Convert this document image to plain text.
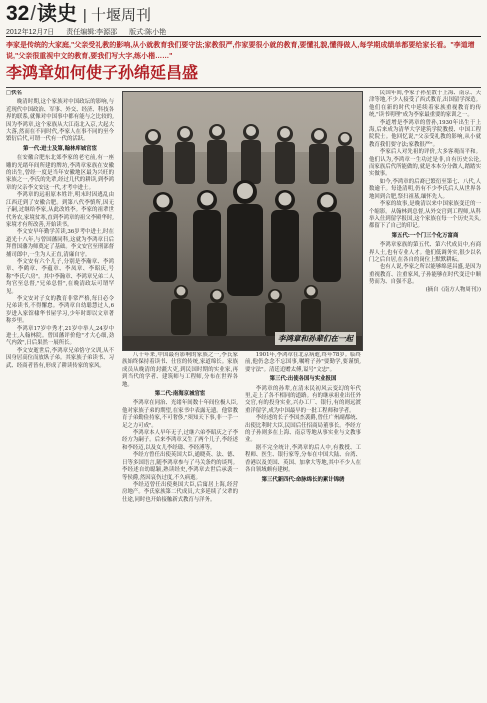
32/读史 | 十堰周刊
2012年12月7日 责任编辑:李源邵 版式:陈小艳
李家是传统的大家庭,"父亲受礼教的影响,从小就教育我们要守法;家教很严,作家要很小就的教育,要懂礼貌,懂得做人,每学期成绩单都要给家长看。"李道增说,"父亲很重视中文的教育,要我们写大字,练小楷……"
李鸿章如何使子孙绵延昌盛

□佚名

晚清时期,这个家族对中国政坛的影响,与近现代中国政治、军事、外交、经济、科技各界的联系,就像对中国事中都有能与之比较的,因为李鸿章,这个家族从大江南北入京,大起大大落,然而在不同时代,李家人在事不同的至今繁衍后代,可谓一代有一代的活跃。

第一代:进士及第,翰林库城官宦

在安徽合肥东北郊李家的老宅前,有一座雕的光绪年间所建的牌坊,李鸿章家族在安徽的出生,曾经一度是当年安徽地区最为兴旺的家族之一,李氏的先辈,经过几代的耕读,到李鸿章的父亲李文安这一代,才考中进士。

李鸿章的远祖原本姓许,明末时因逃乱由江西迁到了安徽合肥。到第八代李慎所,因无子嗣,过继给李家,从此改姓李。李家的祖辈世代务农,家境贫寒,直到李鸿章的祖父李殿华时,家境才有所改善,开始读书。

李文安早年勤学苦读,36岁考中进士,时在道光十八年,与曾国藩同科,这就为李鸿章日后拜曾国藩为师奠定了基础。李文安官至刑部督捕司郎中,一生为人正直,清廉自守。

李文安有六个儿子,分别是李瀚章、李鸿章、李鹤章、李蕴章、李凤章、李昭庆,号称"李氏六房"。其中李瀚章、李鸿章兄弟二人均官至总督,"兄弟总督",在晚清政坛可谓罕见。

李文安对子女的教育非常严格,每日必令兄弟读书,不得懈怠。李鸿章自幼聪慧过人,6岁进入家馆棣华书屋学习,少年时即以文章著称乡里。

李鸿章17岁中秀才,21岁中举人,24岁中进士,入翰林院。曾国藩评价他"才大心细,劲气内敛",日后果然一展所长。

李文安逝世后,李鸿章兄弟恪守父训,从不因身居高位而放纵子弟。其家族子弟读书、习武、经商者皆有,形成了耕读传家的家风。

李鸿章和孙辈们在一起

八十年来,中国最有影响的家族之一,李氏家族始终保持着读书、仕宦的传统,家道绵长。家族成员从晚清的封疆大吏,到民国时期的实业家,再到当代的学者、建筑师与工程师,分布在世界各地。

第二代:南海京城官宦

李鸿章在同治、光绪年间数十年间位极人臣,他对家族子弟的期望,在家书中表露无遗。他常教育子弟勤俭持家,不可奢侈,"须知天下事,非一手一足之力可成"。

李鸿章本人早年无子,过继六弟李昭庆之子李经方为嗣子。后来李鸿章又生了两个儿子,李经述和李经迈,以及女儿李经璹、李经溥等。

李经方曾任出使英国大臣,通晓英、法、德、日等多国语言,随李鸿章参与了马关条约的谈判。李经述自幼聪颖,熟读经史,李鸿章去世后承袭一等侯爵,然因哀伤过度,不久病逝。

李经迈曾任出使奥国大臣,后寓居上海,经营房地产。李氏家族第二代成员,大多延续了父辈的仕途,同时也开始接触新式教育与洋务。

1901年,李鸿章在北京病逝,终年78岁。临终前,他仍念念不忘国事,嘱咐子孙"要勤学,要谨慎,要守法"。清廷追赠太傅,谥号"文忠"。

第三代:出使各国与实业报国

李鸿章的孙辈,在清末民初风云变幻的年代里,走上了各不相同的道路。有的继承祖业出任外交官,有的投身实业,兴办工厂、银行,有的则远渡重洋留学,成为中国最早的一批工程师和学者。

李经述的长子李国杰袭爵,曾任广州副都统、出使比利时大臣,民国后任招商局董事长。李经方的子孙则多在上海、南京等地从事实业与文教事业。

据不完全统计,李鸿章的后人中,有教授、工程师、医生、银行家等,分布在中国大陆、台湾、香港以及美国、英国、加拿大等地,其中不少人在各自领域颇有建树。

第三代新四代:命脉绵长的累计锦绣

民国年间,李家子孙星散于上海、南京、天津等地,不少人接受了西式教育,出国留学深造。他们在新的时代中延续着家族重视教育的传统,"读书明理"成为李家最重要的家训之一。

李道增是李鸿章的曾孙,1930年出生于上海,后来成为清华大学建筑学院教授、中国工程院院士。他回忆说,"父亲受礼教的影响,从小就教育我们要守法;家教很严"。

李家后人对先祖的评价,大多客观而平和。他们认为,李鸿章一生功过是非,自有历史公论,而家族后代所能做的,就是本本分分做人,踏踏实实做事。

如今,李鸿章的后裔已繁衍至第七、八代,人数逾千。每逢清明,仍有不少李氏后人从世界各地回到合肥,祭扫祖墓,缅怀先人。

李家的故事,是晚清以来中国家族变迁的一个缩影。从翰林到总督,从外交官到工程师,从科举入仕到留学报国,这个家族在每一个历史关头,都留下了自己的印记。

第五代:一个门三个化万富商

李鸿章家族的第五代、第六代成员中,有商界人士,也有专业人才。他们低调务实,很少以名门之后自居,在各自的岗位上默默耕耘。

也有人说,李家之所以能够绵延昌盛,是因为重视教育、注重家风,子孙能够在时代变迁中顺势而为、自强不息。

(摘自《南方人物周刊》)
